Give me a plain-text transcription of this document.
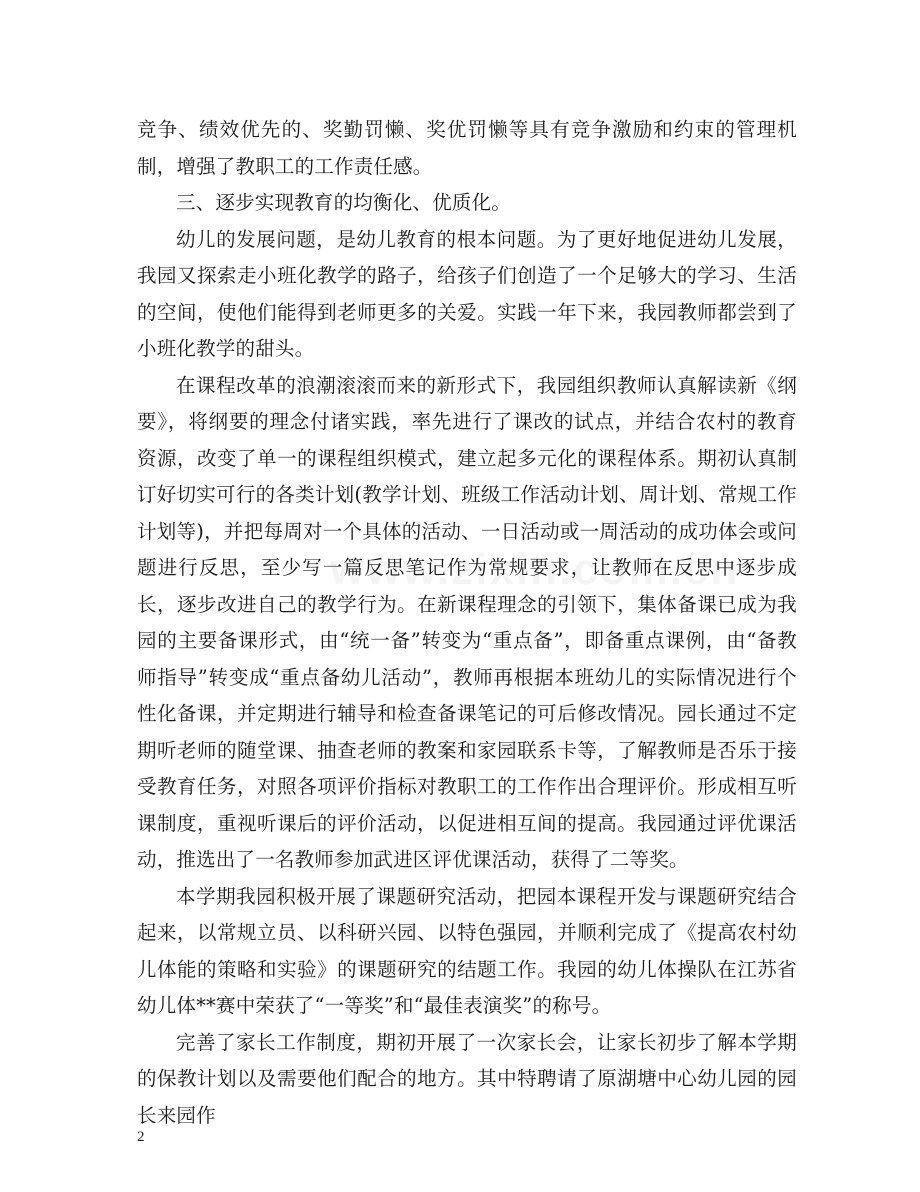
竞争、绩效优先的、奖勤罚懒、奖优罚懒等具有竞争激励和约束的管理机制，增强了教职工的工作责任感。

三、逐步实现教育的均衡化、优质化。

幼儿的发展问题，是幼儿教育的根本问题。为了更好地促进幼儿发展，我园又探索走小班化教学的路子，给孩子们创造了一个足够大的学习、生活的空间，使他们能得到老师更多的关爱。实践一年下来，我园教师都尝到了小班化教学的甜头。

在课程改革的浪潮滚滚而来的新形式下，我园组织教师认真解读新《纲要》，将纲要的理念付诸实践，率先进行了课改的试点，并结合农村的教育资源，改变了单一的课程组织模式，建立起多元化的课程体系。期初认真制订好切实可行的各类计划(教学计划、班级工作活动计划、周计划、常规工作计划等)，并把每周对一个具体的活动、一日活动或一周活动的成功体会或问题进行反思，至少写一篇反思笔记作为常规要求，让教师在反思中逐步成长，逐步改进自己的教学行为。在新课程理念的引领下，集体备课已成为我园的主要备课形式，由“统一备”转变为“重点备”，即备重点课例，由“备教师指导”转变成“重点备幼儿活动”，教师再根据本班幼儿的实际情况进行个性化备课，并定期进行辅导和检查备课笔记的可后修改情况。园长通过不定期听老师的随堂课、抽查老师的教案和家园联系卡等，了解教师是否乐于接受教育任务，对照各项评价指标对教职工的工作作出合理评价。形成相互听课制度，重视听课后的评价活动，以促进相互间的提高。我园通过评优课活动，推选出了一名教师参加武进区评优课活动，获得了二等奖。

本学期我园积极开展了课题研究活动，把园本课程开发与课题研究结合起来，以常规立员、以科研兴园、以特色强园，并顺利完成了《提高农村幼儿体能的策略和实验》的课题研究的结题工作。我园的幼儿体操队在江苏省幼儿体**赛中荣获了“一等奖”和“最佳表演奖”的称号。

完善了家长工作制度，期初开展了一次家长会，让家长初步了解本学期的保教计划以及需要他们配合的地方。其中特聘请了原湖塘中心幼儿园的园长来园作

2
